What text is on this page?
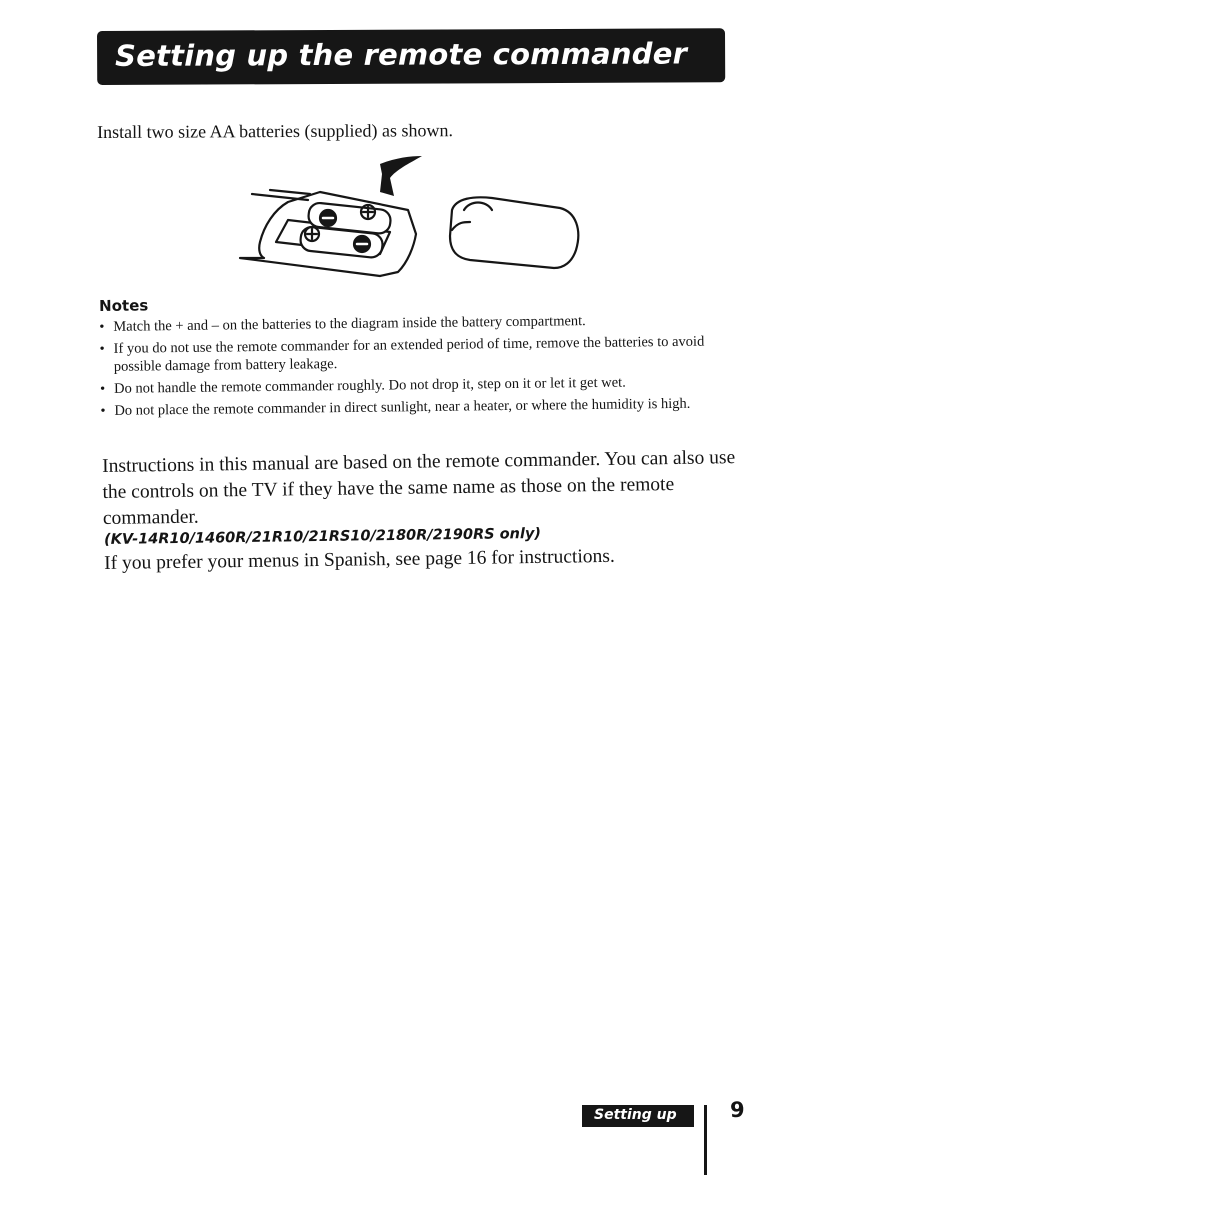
Setting up the remote commander
Install two size AA batteries (supplied) as shown.
Notes
• Match the + and – on the batteries to the diagram inside the battery compartment.
• If you do not use the remote commander for an extended period of time, remove the batteries to avoid possible damage from battery leakage.
• Do not handle the remote commander roughly. Do not drop it, step on it or let it get wet.
• Do not place the remote commander in direct sunlight, near a heater, or where the humidity is high.

Instructions in this manual are based on the remote commander. You can also use the controls on the TV if they have the same name as those on the remote commander.

(KV-14R10/1460R/21R10/21RS10/2180R/2190RS only)
If you prefer your menus in Spanish, see page 16 for instructions.
Setting up	9
